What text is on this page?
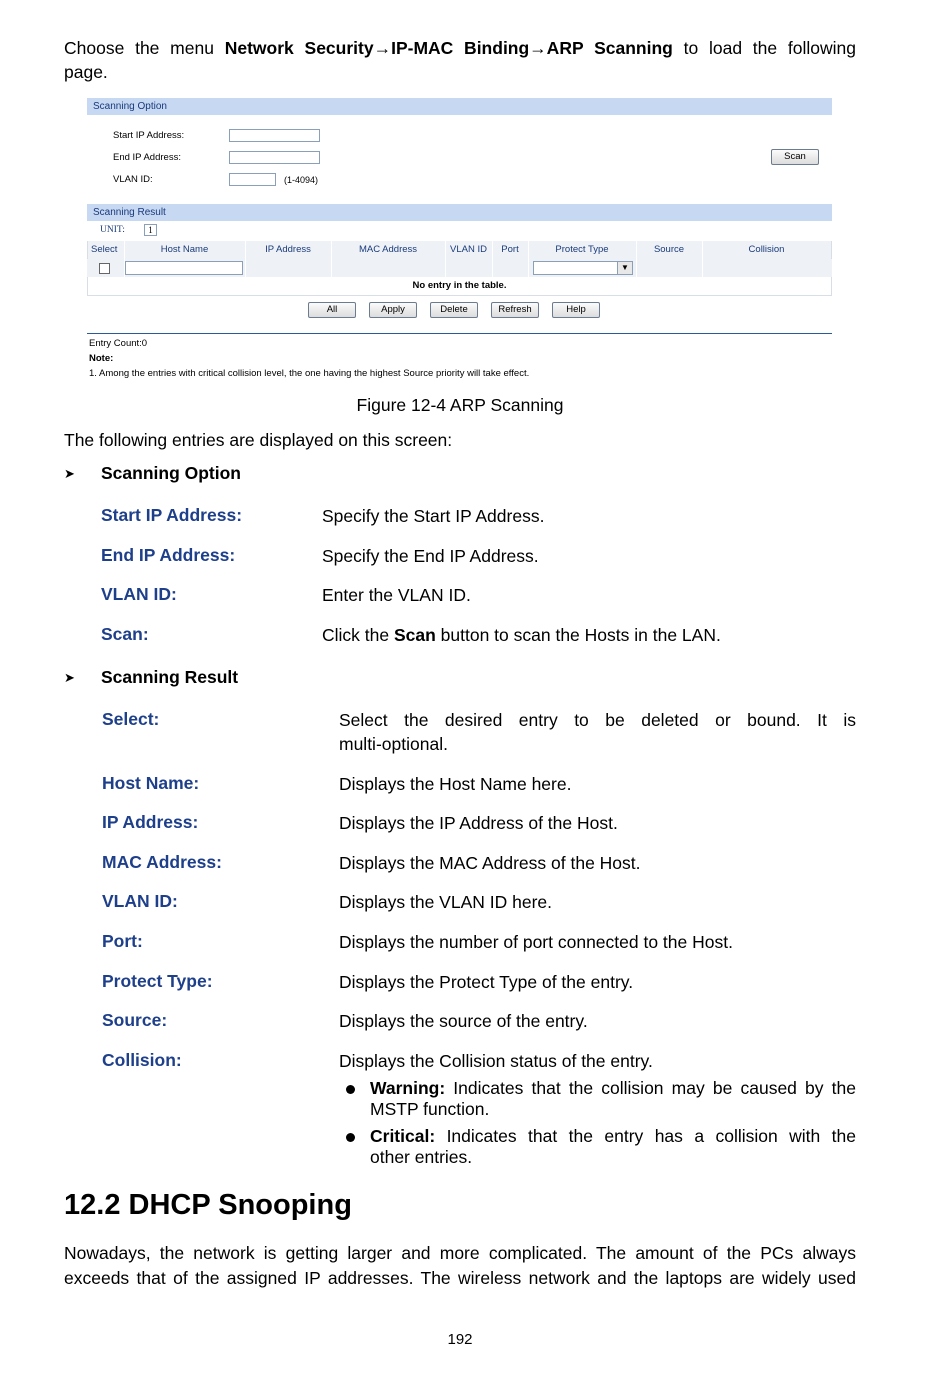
Choose the menu Network Security→IP-MAC Binding→ARP Scanning to load the following
page.
Scanning Option
Start IP Address:
End IP Address:	Scan
VLAN ID:	(1-4094)
Scanning Result
UNIT:	1
Select	Host Name	IP Address	MAC Address	VLAN ID	Port	Protect Type	Source	Collision
▼
No entry in the table.
All	Apply	Delete	Refresh	Help
Entry Count:0
Note:
1. Among the entries with critical collision level, the one having the highest Source priority will take effect.
Figure 12-4 ARP Scanning
The following entries are displayed on this screen:
➤ Scanning Option
Start IP Address:	Specify the Start IP Address.
End IP Address:	Specify the End IP Address.
VLAN ID:	Enter the VLAN ID.
Scan:	Click the Scan button to scan the Hosts in the LAN.
➤ Scanning Result
Select:	Select the desired entry to be deleted or bound. It is
multi-optional.
Host Name:	Displays the Host Name here.
IP Address:	Displays the IP Address of the Host.
MAC Address:	Displays the MAC Address of the Host.
VLAN ID:	Displays the VLAN ID here.
Port:	Displays the number of port connected to the Host.
Protect Type:	Displays the Protect Type of the entry.
Source:	Displays the source of the entry.
Collision:	Displays the Collision status of the entry.
Warning: Indicates that the collision may be caused by the
MSTP function.
Critical: Indicates that the entry has a collision with the
other entries.
12.2 DHCP Snooping
Nowadays, the network is getting larger and more complicated. The amount of the PCs always
exceeds that of the assigned IP addresses. The wireless network and the laptops are widely used
192
